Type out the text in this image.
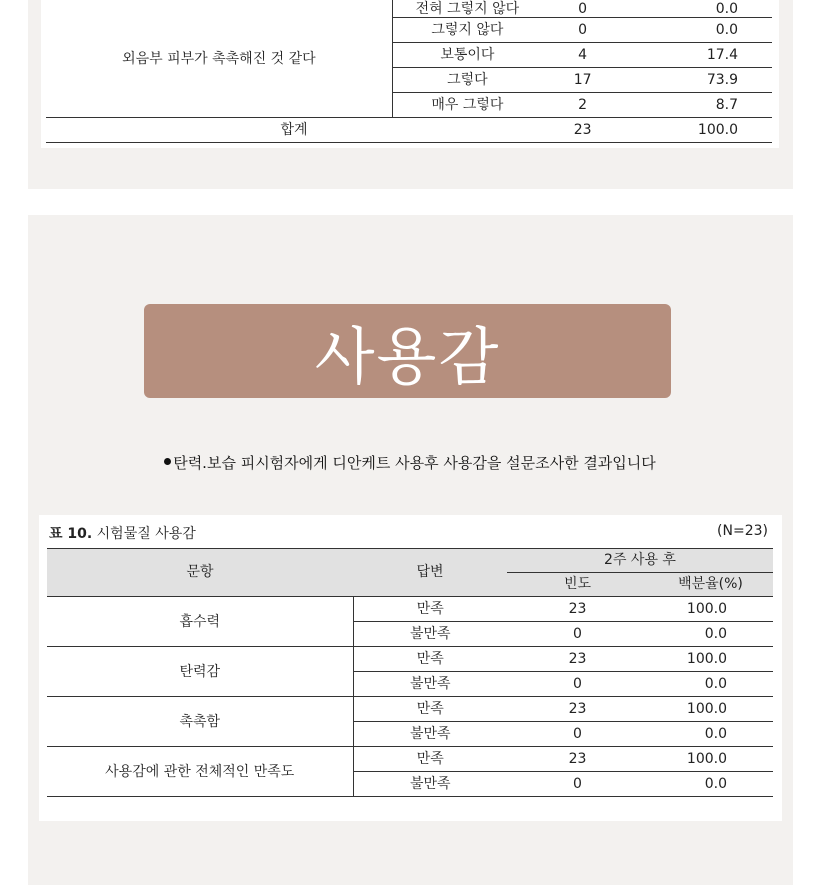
외음부 피부가 촉촉해진 것 같다	전혀 그렇지 않다	0	0.0
	그렇지 않다	0	0.0
	보통이다	4	17.4
	그렇다	17	73.9
	매우 그렇다	2	8.7
합계		23	100.0
사용감
탄력.보습 피시험자에게 디안케트 사용후 사용감을 설문조사한 결과입니다
표 10. 시험물질 사용감	(N=23)
문항	답변	2주 사용 후	
		빈도	백분율(%)
흡수력	만족	23	100.0
	불만족	0	0.0
탄력감	만족	23	100.0
	불만족	0	0.0
촉촉함	만족	23	100.0
	불만족	0	0.0
사용감에 관한 전체적인 만족도	만족	23	100.0
	불만족	0	0.0
